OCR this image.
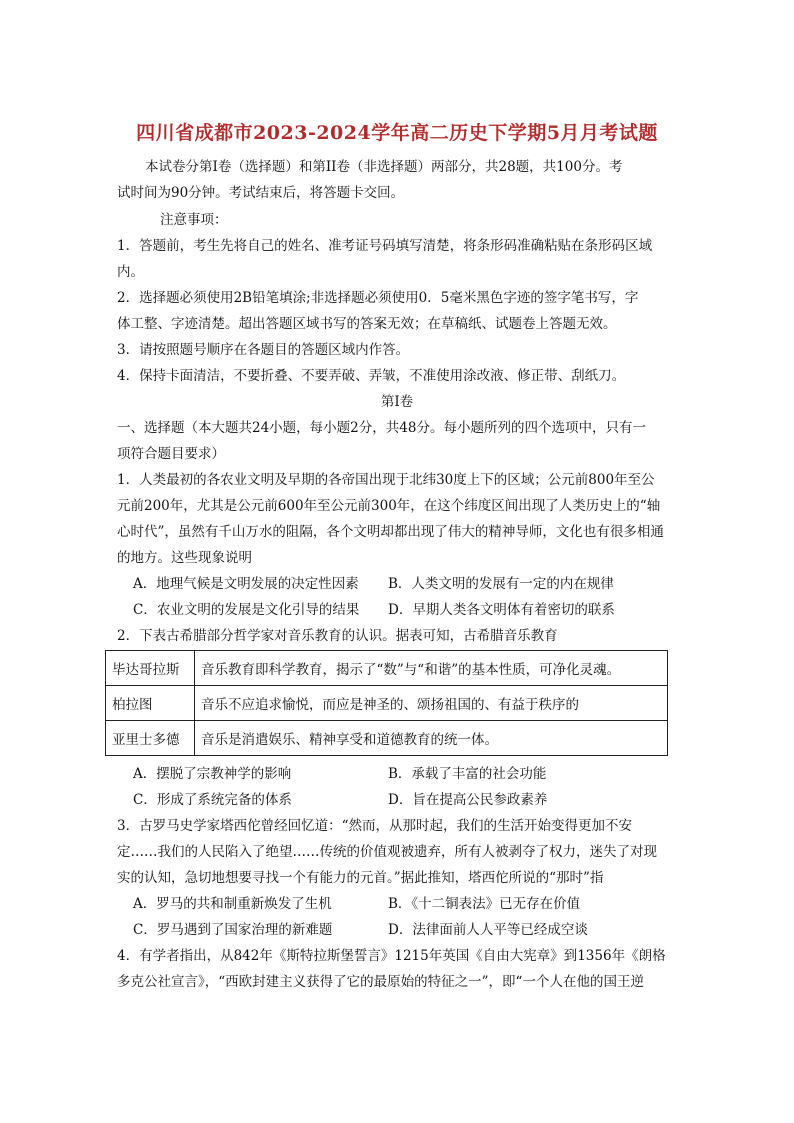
四川省成都市2023-2024学年高二历史下学期5月月考试题
本试卷分第I卷（选择题）和第II卷（非选择题）两部分，共28题，共100分。考
试时间为90分钟。考试结束后，将答题卡交回。
注意事项：
1．答题前，考生先将自己的姓名、准考证号码填写清楚，将条形码准确粘贴在条形码区域
内。
2．选择题必须使用2B铅笔填涂;非选择题必须使用0．5毫米黑色字迹的签字笔书写，字
体工整、字迹清楚。超出答题区域书写的答案无效；在草稿纸、试题卷上答题无效。
3．请按照题号顺序在各题目的答题区域内作答。
4．保持卡面清洁，不要折叠、不要弄破、弄皱，不准使用涂改液、修正带、刮纸刀。
第I卷
一、选择题（本大题共24小题，每小题2分，共48分。每小题所列的四个选项中，只有一
项符合题目要求）
1．人类最初的各农业文明及早期的各帝国出现于北纬30度上下的区域；公元前800年至公
元前200年，尤其是公元前600年至公元前300年，在这个纬度区间出现了人类历史上的“轴
心时代”，虽然有千山万水的阻隔，各个文明却都出现了伟大的精神导师，文化也有很多相通
的地方。这些现象说明
A．地理气候是文明发展的决定性因素 B．人类文明的发展有一定的内在规律
C．农业文明的发展是文化引导的结果 D．早期人类各文明体有着密切的联系
2．下表古希腊部分哲学家对音乐教育的认识。据表可知，古希腊音乐教育
毕达哥拉斯	音乐教育即科学教育，揭示了“数”与“和谐”的基本性质，可净化灵魂。
柏拉图	音乐不应追求愉悦，而应是神圣的、颂扬祖国的、有益于秩序的
亚里士多德	音乐是消遣娱乐、精神享受和道德教育的统一体。
A．摆脱了宗教神学的影响	B．承载了丰富的社会功能
C．形成了系统完备的体系	D．旨在提高公民参政素养
3．古罗马史学家塔西佗曾经回忆道：“然而，从那时起，我们的生活开始变得更加不安
定……我们的人民陷入了绝望……传统的价值观被遗弃，所有人被剥夺了权力，迷失了对现
实的认知，急切地想要寻找一个有能力的元首。”据此推知，塔西佗所说的“那时”指
A．罗马的共和制重新焕发了生机	B．《十二铜表法》已无存在价值
C．罗马遇到了国家治理的新难题	D．法律面前人人平等已经成空谈
4．有学者指出，从842年《斯特拉斯堡誓言》1215年英国《自由大宪章》到1356年《朗格
多克公社宣言》，“西欧封建主义获得了它的最原始的特征之一”，即“一个人在他的国王逆
